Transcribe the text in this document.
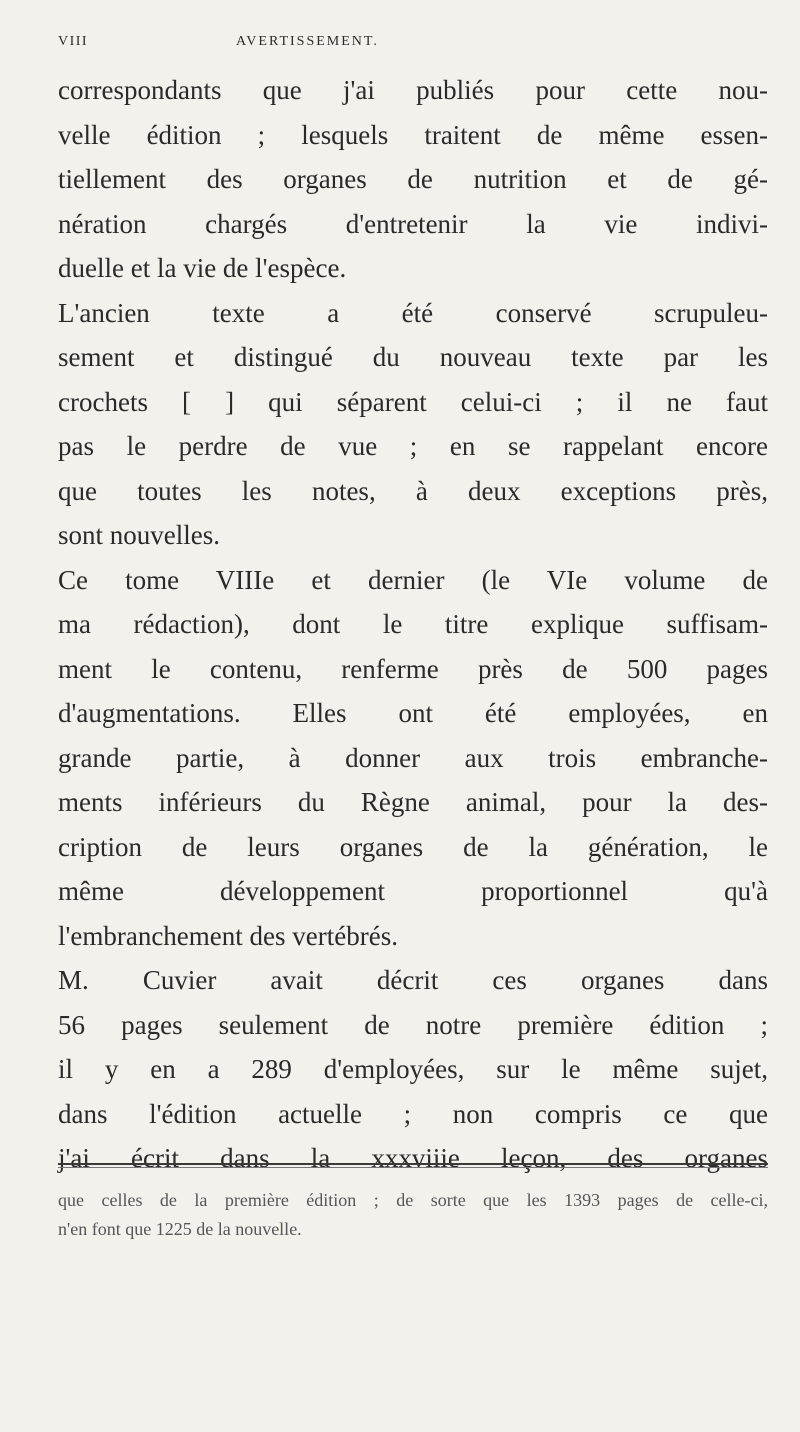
VIII	AVERTISSEMENT.
correspondants que j'ai publiés pour cette nou-
velle édition ; lesquels traitent de même essen-
tiellement des organes de nutrition et de gé-
nération chargés d'entretenir la vie indivi-
duelle et la vie de l'espèce.
L'ancien texte a été conservé scrupuleu-
sement et distingué du nouveau texte par les
crochets [ ] qui séparent celui-ci ; il ne faut
pas le perdre de vue ; en se rappelant encore
que toutes les notes, à deux exceptions près,
sont nouvelles.
Ce tome VIIIe et dernier (le VIe volume de
ma rédaction), dont le titre explique suffisam-
ment le contenu, renferme près de 500 pages
d'augmentations. Elles ont été employées, en
grande partie, à donner aux trois embranche-
ments inférieurs du Règne animal, pour la des-
cription de leurs organes de la génération, le
même développement proportionnel qu'à
l'embranchement des vertébrés.
M. Cuvier avait décrit ces organes dans
56 pages seulement de notre première édition ;
il y en a 289 d'employées, sur le même sujet,
dans l'édition actuelle ; non compris ce que
j'ai écrit dans la xxxviiie leçon, des organes
que celles de la première édition ; de sorte que les 1393 pages de celle-ci,
n'en font que 1225 de la nouvelle.
